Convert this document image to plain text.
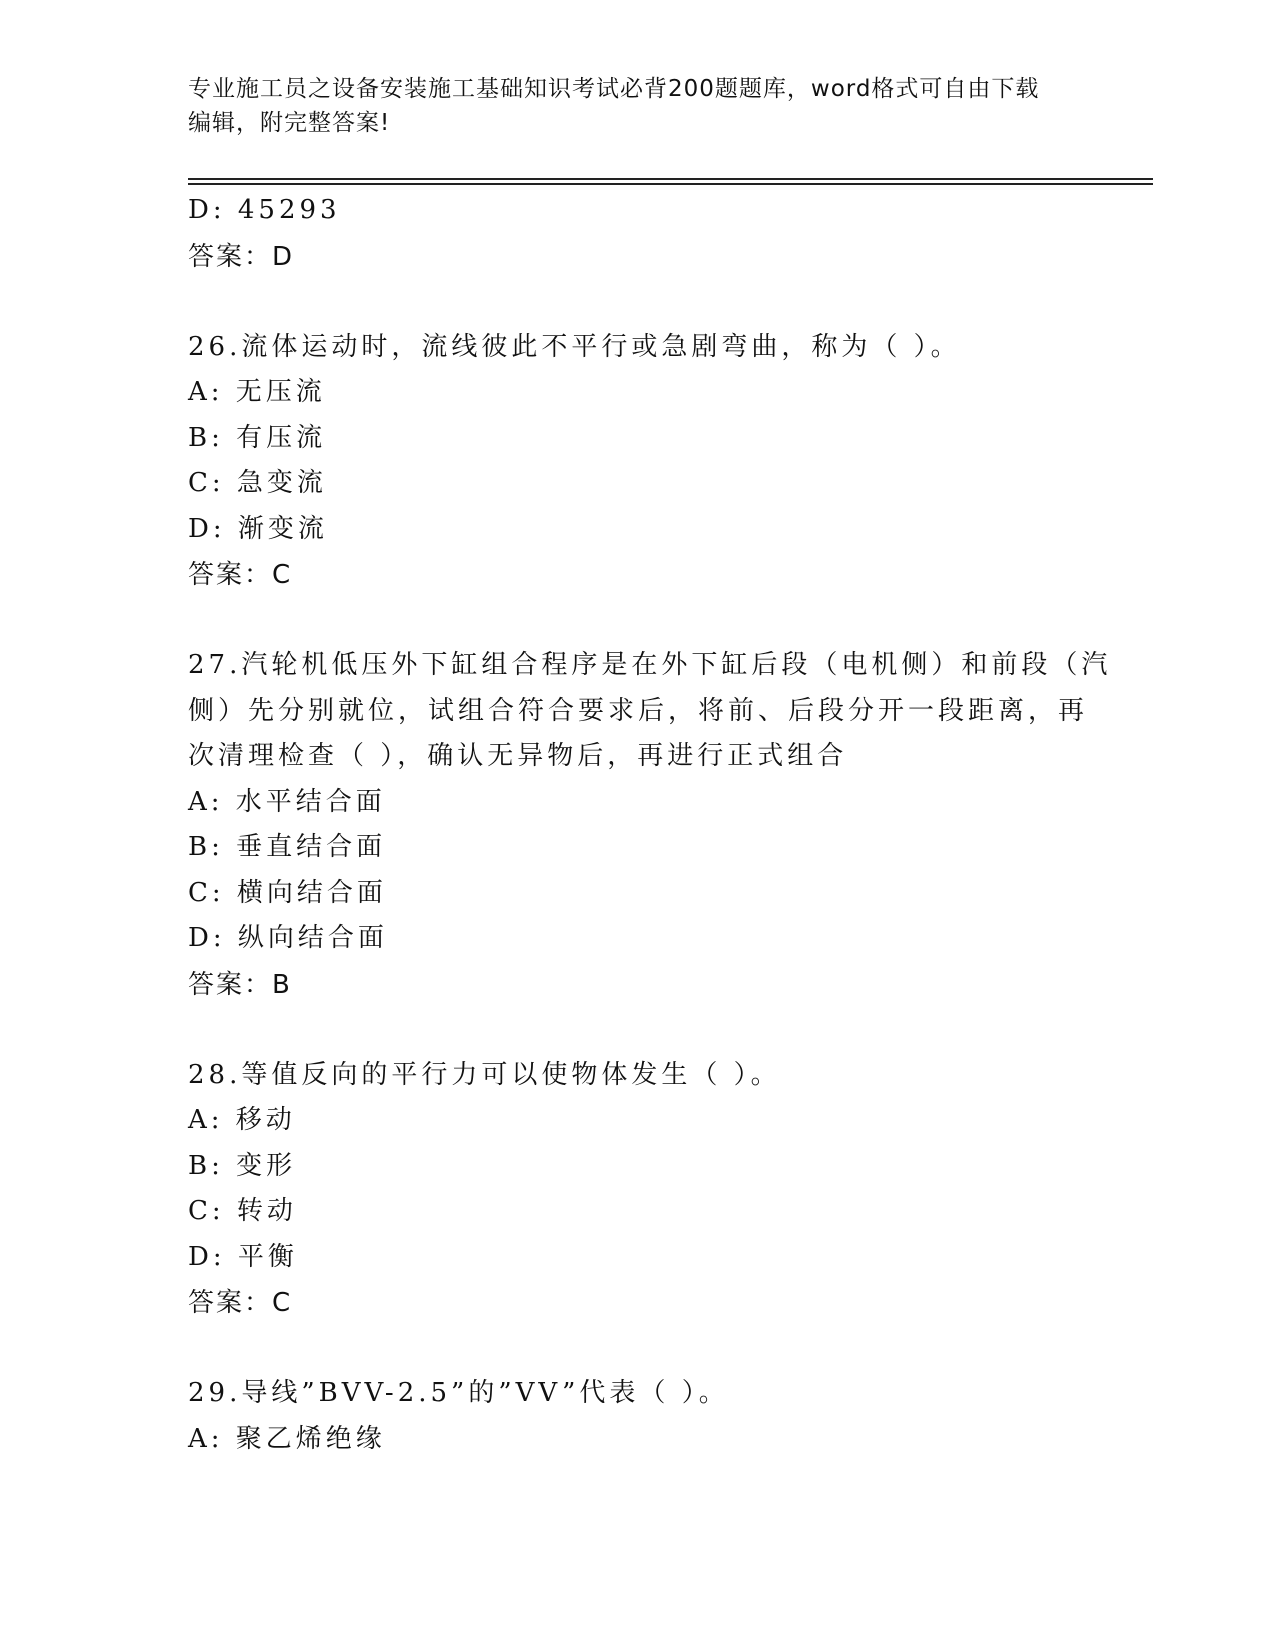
专业施工员之设备安装施工基础知识考试必背200题题库，word格式可自由下载
编辑，附完整答案!
D: 45293
答案：D
26.流体运动时，流线彼此不平行或急剧弯曲，称为（ ）。
A: 无压流
B: 有压流
C: 急变流
D: 渐变流
答案：C
27.汽轮机低压外下缸组合程序是在外下缸后段（电机侧）和前段（汽
侧）先分别就位，试组合符合要求后，将前、后段分开一段距离，再
次清理检查（ ），确认无异物后，再进行正式组合
A: 水平结合面
B: 垂直结合面
C: 横向结合面
D: 纵向结合面
答案：B
28.等值反向的平行力可以使物体发生（ ）。
A: 移动
B: 变形
C: 转动
D: 平衡
答案：C
29.导线”BVV-2.5”的”VV”代表（ ）。
A: 聚乙烯绝缘
